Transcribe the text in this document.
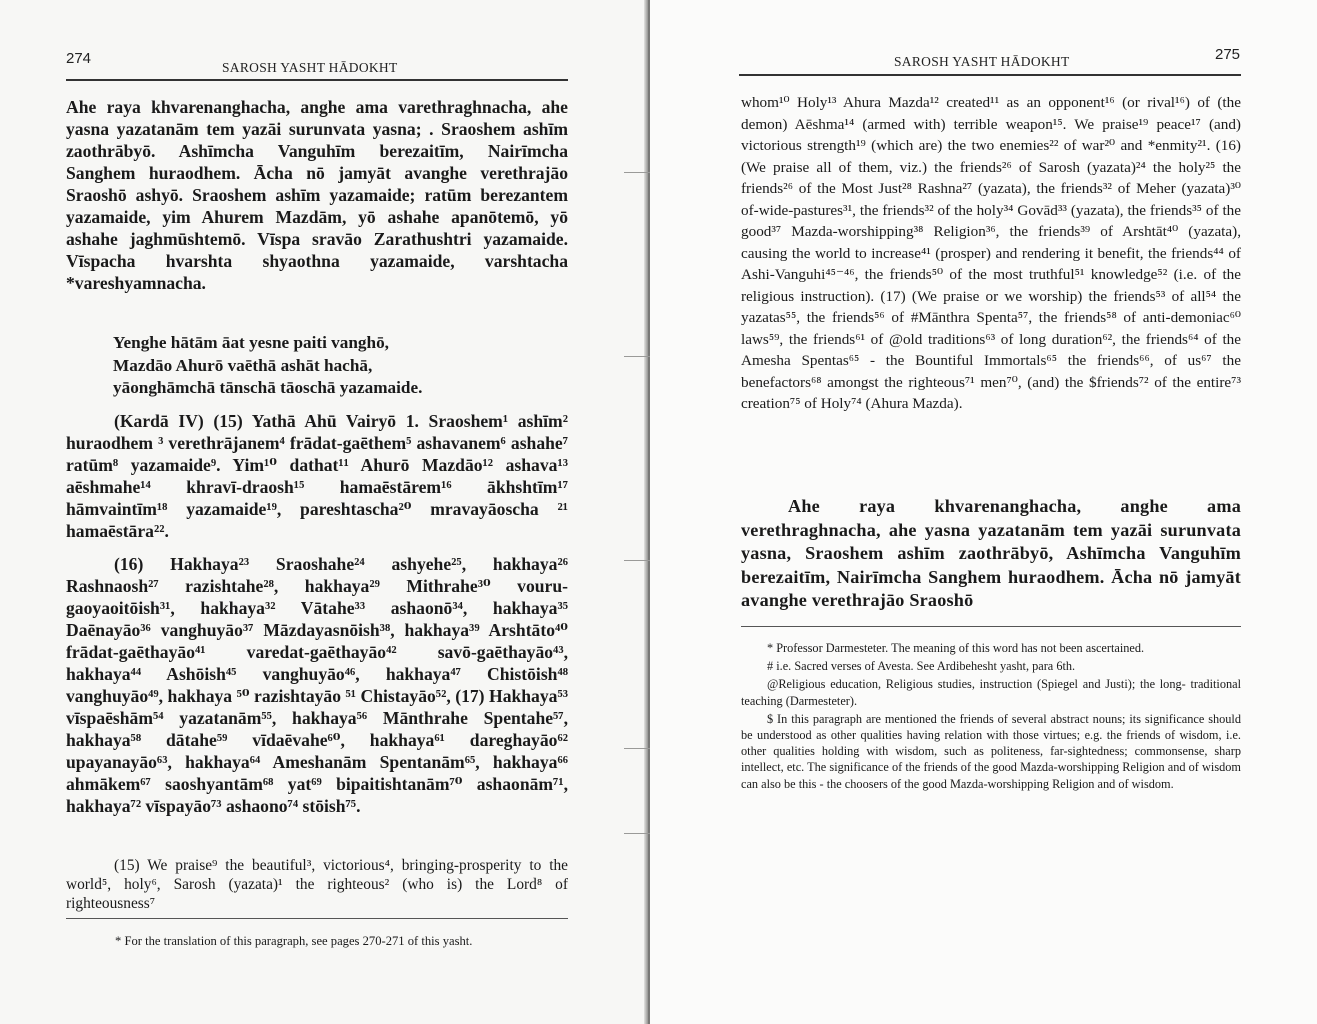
274
SAROSH YASHT HĀDOKHT

Ahe raya khvarenanghacha, anghe ama varethraghnacha, ahe yasna yazatanām tem yazāi surunvata yasna; . Sraoshem ashīm zaothrābyō. Ashīmcha Vanguhīm berezaitīm, Nairīmcha Sanghem huraodhem. Ācha nō jamyāt avanghe verethrajāo Sraoshō ashyō. Sraoshem ashīm yazamaide; ratūm berezantem yazamaide, yim Ahurem Mazdām, yō ashahe apanōtemō, yō ashahe jaghmūshtemō. Vīspa sravāo Zarathushtri yazamaide. Vīspacha hvarshta shyaothna yazamaide, varshtacha *vareshyamnacha.

Yenghe hātām āat yesne paiti vanghō,
Mazdāo Ahurō vaēthā ashāt hachā,
yāonghāmchā tānschā tāoschā yazamaide.

(Kardā IV) (15) Yathā Ahū Vairyō 1. Sraoshem¹ ashīm² huraodhem ³ verethrājanem⁴ frādat-gaēthem⁵ ashavanem⁶ ashahe⁷ ratūm⁸ yazamaide⁹. Yim¹⁰ dathat¹¹ Ahurō Mazdāo¹² ashava¹³ aēshmahe¹⁴ khravī-draosh¹⁵ hamaēstārem¹⁶ ākhshtīm¹⁷ hāmvaintīm¹⁸ yazamaide¹⁹, pareshtascha²⁰ mravayāoscha ²¹ hamaēstāra²².

(16) Hakhaya²³ Sraoshahe²⁴ ashyehe²⁵, hakhaya²⁶ Rashnaosh²⁷ razishtahe²⁸, hakhaya²⁹ Mithrahe³⁰ vouru-gaoyaoitōish³¹, hakhaya³² Vātahe³³ ashaonō³⁴, hakhaya³⁵ Daēnayāo³⁶ vanghuyāo³⁷ Māzdayasnōish³⁸, hakhaya³⁹ Arshtāto⁴⁰ frādat-gaēthayāo⁴¹ varedat-gaēthayāo⁴² savō-gaēthayāo⁴³, hakhaya⁴⁴ Ashōish⁴⁵ vanghuyāo⁴⁶, hakhaya⁴⁷ Chistōish⁴⁸ vanghuyāo⁴⁹, hakhaya ⁵⁰ razishtayāo ⁵¹ Chistayāo⁵², (17) Hakhaya⁵³ vīspaēshām⁵⁴ yazatanām⁵⁵, hakhaya⁵⁶ Mānthrahe Spentahe⁵⁷, hakhaya⁵⁸ dātahe⁵⁹ vīdaēvahe⁶⁰, hakhaya⁶¹ dareghayāo⁶² upayanayāo⁶³, hakhaya⁶⁴ Ameshanām Spentanām⁶⁵, hakhaya⁶⁶ ahmākem⁶⁷ saoshyantām⁶⁸ yat⁶⁹ bipaitishtanām⁷⁰ ashaonām⁷¹, hakhaya⁷² vīspayāo⁷³ ashaono⁷⁴ stōish⁷⁵.

(15) We praise⁹ the beautiful³, victorious⁴, bringing-prosperity to the world⁵, holy⁶, Sarosh (yazata)¹ the righteous² (who is) the Lord⁸ of righteousness⁷

* For the translation of this paragraph, see pages 270-271 of this yasht.

SAROSH YASHT HĀDOKHT	275

whom¹⁰ Holy¹³ Ahura Mazda¹² created¹¹ as an opponent¹⁶ (or rival¹⁶) of (the demon) Aēshma¹⁴ (armed with) terrible weapon¹⁵. We praise¹⁹ peace¹⁷ (and) victorious strength¹⁹ (which are) the two enemies²² of war²⁰ and *enmity²¹. (16) (We praise all of them, viz.) the friends²⁶ of Sarosh (yazata)²⁴ the holy²⁵ the friends²⁶ of the Most Just²⁸ Rashna²⁷ (yazata), the friends³² of Meher (yazata)³⁰ of-wide-pastures³¹, the friends³² of the holy³⁴ Govād³³ (yazata), the friends³⁵ of the good³⁷ Mazda-worshipping³⁸ Religion³⁶, the friends³⁹ of Arshtāt⁴⁰ (yazata), causing the world to increase⁴¹ (prosper) and rendering it benefit, the friends⁴⁴ of Ashi-Vanguhi⁴⁵⁻⁴⁶, the friends⁵⁰ of the most truthful⁵¹ knowledge⁵² (i.e. of the religious instruction). (17) (We praise or we worship) the friends⁵³ of all⁵⁴ the yazatas⁵⁵, the friends⁵⁶ of #Mānthra Spenta⁵⁷, the friends⁵⁸ of anti-demoniac⁶⁰ laws⁵⁹, the friends⁶¹ of @old traditions⁶³ of long duration⁶², the friends⁶⁴ of the Amesha Spentas⁶⁵ - the Bountiful Immortals⁶⁵ the friends⁶⁶, of us⁶⁷ the benefactors⁶⁸ amongst the righteous⁷¹ men⁷⁰, (and) the $friends⁷² of the entire⁷³ creation⁷⁵ of Holy⁷⁴ (Ahura Mazda).

Ahe raya khvarenanghacha, anghe ama verethraghnacha, ahe yasna yazatanām tem yazāi surunvata yasna, Sraoshem ashīm zaothrābyō, Ashīmcha Vanguhīm berezaitīm, Nairīmcha Sanghem huraodhem. Ācha nō jamyāt avanghe verethrajāo Sraoshō

* Professor Darmesteter. The meaning of this word has not been ascertained.

# i.e. Sacred verses of Avesta. See Ardibehesht yasht, para 6th.

@Religious education, Religious studies, instruction (Spiegel and Justi); the long- traditional teaching (Darmesteter).

$ In this paragraph are mentioned the friends of several abstract nouns; its significance should be understood as other qualities having relation with those virtues; e.g. the friends of wisdom, i.e. other qualities holding with wisdom, such as politeness, far-sightedness; commonsense, sharp intellect, etc. The significance of the friends of the good Mazda-worshipping Religion and of wisdom can also be this - the choosers of the good Mazda-worshipping Religion and of wisdom.
